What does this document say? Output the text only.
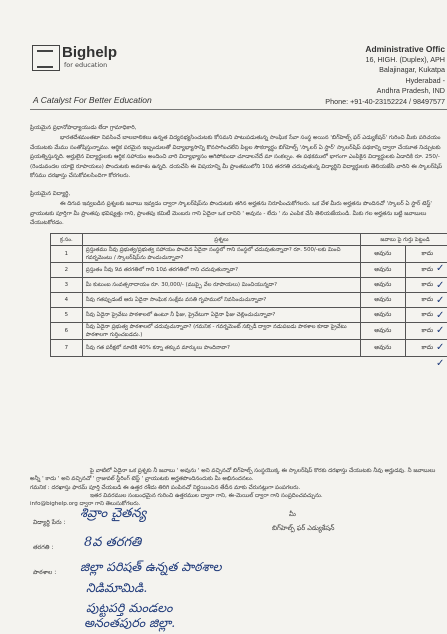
Bighelp
for education
A Catalyst For Better Education
Administrative Offic
16, HIGH. (Duplex), APH
Balajinagar, Kukatpa
Hyderabad -
Andhra Pradesh, IND
Phone: +91-40-23152224 / 98497577
ప్రియమైన ప్రధానోపాధ్యాయుడు లేదా గ్రామాధికారి,
భారతదేశమంతటా నివసించే బాలబాలికలు ఉన్నత విద్యనభ్యసించుటకు కోసమని పాటుపడుతున్న సాంఘిక సేవా సంస్థ అయిన 'బిగ్‌హెల్ప్ ఫర్ ఎడ్యుకేషన్' గురించి మీకు పరిచయం చేయుటకు మేము సంతోషిస్తున్నాము. ఆర్థిక పరమైన ఇబ్బందులతో విద్యాభ్యాసాన్ని కొనసాగించలేని పిల్లల సౌకర్యార్థం బిగ్‌హెల్ప్ 'స్కాలర్ ఏ స్టార్' స్కాలర్‌షిప్ పథకాన్ని ద్వారా చేయూత నిచ్చుటకు ప్రయత్నిస్తున్నది. అర్హులైన విద్యార్థులకు ఆర్థిక సహాయం అందించి వారి విద్యాభ్యాసం ఆగిపోకుండా చూడాలనేదే మా సంకల్పం. ఈ పథకములో భాగంగా ఎంపికైన విద్యార్థులకు ఏడాదికి రూ. 250/- (రెండువందల యాభై రూపాయలు) పొందుటకు అవకాశం ఉన్నది. దయచేసి ఈ విషయాన్ని మీ ప్రాంతములోని 10వ తరగతి చదువుతున్న విద్యార్థిని విద్యార్థులకు తెలియజేసి వారిని ఈ స్కాలర్‌షిప్ కోసము దరఖాస్తు చేసుకోవలసిందిగా కోరగలరు.
ప్రియమైన విద్యార్థి,
ఈ దిగువ ఇవ్వబడిన ప్రశ్నలకు జవాబు ఇవ్వడం ద్వారా స్కాలర్‌షిప్‌ను పొందుటకు తగిన అర్హతను నిరూపించుకోగలరు. ఒక వేళ మీరు అర్హతను పొందినచో 'స్కాలర్ ఏ స్టార్ టెస్ట్' వ్రాయుటకు పూర్తిగా మీ ప్రాంతపు భవిష్యత్తు గాని, ప్రాంతపు కమిటీ మెంబరు గాని ఏదైనా ఒక దానిని ' అవును - లేదు ' ను ఎంపిక చేసి తెలియజేయండి. మీకు గల అర్హతను బట్టి జవాబులు చేయుటకోరడం.
క్ర.సం.	ప్రశ్నలు	జవాబు పై గుర్తు పెట్టండి	
1	ప్రస్తుతము నీవు ప్రభుత్వ/ప్రభుత్వ సహాయం పొందిన ఏదైనా సంస్థలో గాని సంస్థలో చదువుతున్నావా? రూ. 500/-లకు మించి గవర్నమెంటు / స్కాలర్‌షిప్‌ను పొందుచున్నావా?	అవును	కాదు
2	ప్రస్తుతం నీవు 9వ తరగతిలో గాని 10వ తరగతిలో గాని చదువుతున్నావా?	అవును	కాదు
3	మీ కుటుంబ సంవత్సరాదాయం రూ. 30,000/- (ముప్పై వేల రూపాయలు) మించియున్నదా?	అవును	కాదు
4	నీవు గతప్పుడంటే ఆరు ఏదైనా సాంఘిక సంక్షేమ వసతి గృహములో నివసించుచున్నావా?	అవును	కాదు
5	నీవు ఏదైనా ప్రైవేటు పాఠశాలలో ఉంటూ నీ ఫీజు, ప్రైవేటుగా ఏదైనా ఫీజు చెల్లించుచున్నావా?	అవును	కాదు
6	నీవు ఏదైనా ప్రభుత్వ పాఠశాలలో చదువుచున్నావా? (గమనిక - గవర్నమెంట్ సబ్సిడీ ద్వారా నడుపబడు పాఠశాల కూడా ప్రైవేటు పాఠశాలగా గుర్తించబడదు.)	అవును	కాదు
7	నీవు గత పరీక్షలో నూటికి 40% కన్నా తక్కువ మార్కులు పొందినావా?	అవును	కాదు
✓
✓
✓
✓
✓
✓
✓
పై వాటిలో ఏదైనా ఒక ప్రశ్నకు నీ జవాబు ' అవును ' అని వచ్చినచో బిగ్‌హెల్ప్ సంస్థయొక్క ఈ స్కాలర్‌షిప్ కొరకు దరఖాస్తు చేయుటకు నీవు అర్హుడవు. నీ జవాబులు అన్నీ ' కాదు ' అని వచ్చినచో ' గ్రాజువల్ స్టీరింగ్ టెస్ట్ ' వ్రాయుటకు అర్హతపొందినందుకు మీ అభినందనలు.
గమనిక : దరఖాస్తు ఫారమ్ పూర్తి చేయబడి ఈ ఉత్తర రశీదు తిరిగి పంపినచో నిర్ణయించిన తేదీన మాకు చేరునట్లుగా పంపగలరు.
ఇతర వివరముల సంబంధమైన గురించి ఉత్తరముల ద్వారా గాని, ఈ-మెయిల్ ద్వారా గాని సంప్రదించవచ్చును.
info@bighelp.org ద్వారా గాని తెలుసుకోగలరు.
విద్యార్థి పేరు :
శివ్రాం చైతన్య
తరగతి : 8వ తరగతి
పాఠశాల : జిల్లా పరిషత్ ఉన్నత పాఠశాల
నిడిమామిడి.
పుట్టపర్తి మండలం
అనంతపురం జిల్లా.
మీ
బిగ్‌హెల్ప్ ఫర్ ఎడ్యుకేషన్
